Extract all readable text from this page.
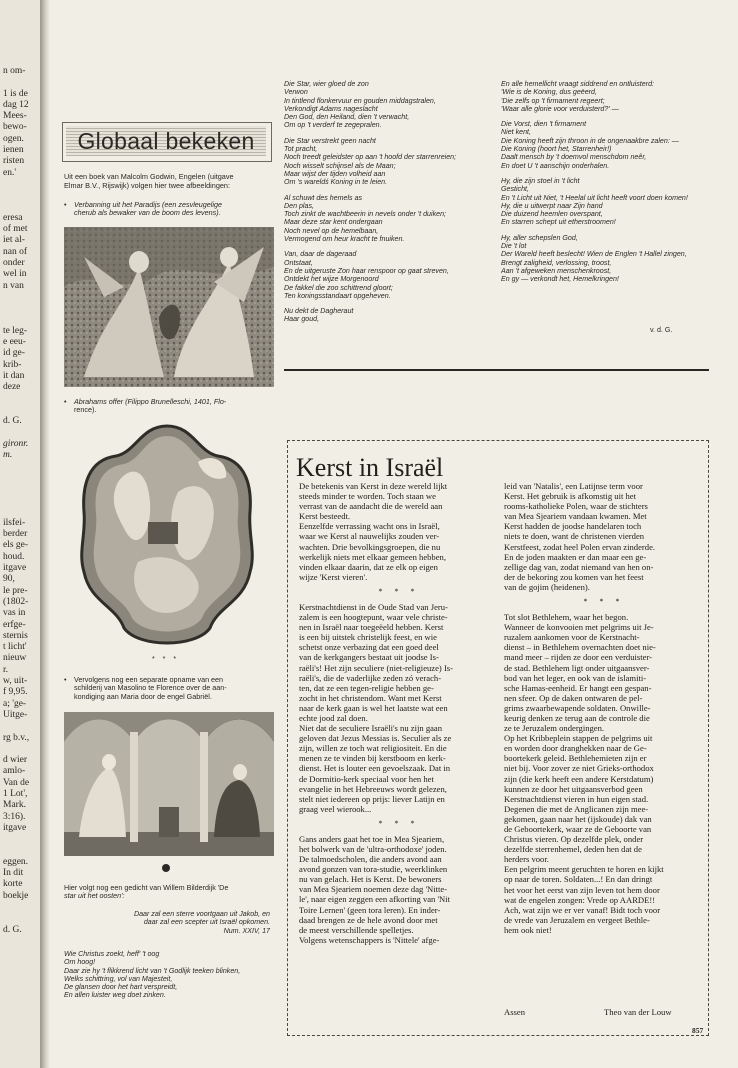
n om-
1 is de
dag 12
Mees-
bewo-
ogen.
ienen
risten
en.'
eresa
of met
iet al-
nan of
onder
wel in
n van
te leg-
e eeu-
id ge-
krib-
it dan
deze
d. G.
gironr.
m.
ilsfei-
berder
els ge-
houd.
itgave
90,
le pre-
(1802-
vas in
erfge-
sternis
t licht'
nieuw
r.
w, uit-
f 9,95.
a; 'ge-
Uitge-
rg b.v.,
d wier
amlo-
Van de
1 Lot',
Mark.
3:16).
itgave
eggen.
In dit
korte
boekje
d. G.
Globaal bekeken
Uit een boek van Malcolm Godwin, Engelen (uitgave
Elmar B.V., Rijswijk) volgen hier twee afbeeldingen:
• Verbanning uit het Paradijs (een zesvleugelige
cherub als bewaker van de boom des levens).
• Abrahams offer (Filippo Brunelleschi, 1401, Flo-
rence).
* * *
• Vervolgens nog een separate opname van een
schilderij van Masolino te Florence over de aan-
kondiging aan Maria door de engel Gabriël.
Hier volgt nog een gedicht van Willem Bilderdijk 'De
star uit het oosten':
Daar zal een sterre voortgaan uit Jakob, en
daar zal een scepter uit Israël opkomen.
Num. XXIV, 17
Wie Christus zoekt, heff' 't oog
Om hoog!
Daar zie hy 't flikkrend licht van 't Godlijk teeken blinken,
Welks schittring, vol van Majesteit,
De glansen door het hart verspreidt,
En allen luister weg doet zinken.
Die Star, wier gloed de zon
Verwon
In tintlend flonkervuur en gouden middagstralen,
Verkondigt Adams nageslacht
Den God, den Heiland, dien 't verwacht,
Om op 't verderf te zegepralen.
Die Star verstrekt geen nacht
Tot pracht,
Noch treedt geleidster op aan 't hoofd der starrenreien;
Noch wisselt schijnsel als de Maan;
Maar wijst der tijden volheid aan
Om 's wareldś Koning in te leien.
Al schuwt des hemels as
Den plas,
Toch zinkt de wachtbeerin in nevels onder 't duiken;
Maar deze star kent ondergaan
Noch nevel op de hemelbaan,
Vermogend om heur kracht te fnuiken.
Van, daar de dageraad
Ontstaat,
En de uitgeruste Zon haar renspoor op gaat streven,
Ontdekt het wijze Morgenoord
De fakkel die zoo schittrend gloort;
Ten koningsstandaart opgeheven.
Nu dekt de Dagheraut
Haar goud,
En alle hemellicht vraagt siddrend en ontluisterd:
'Wie is de Koning, dus geëerd,
'Die zelfs op 't firmament regeert;
'Waar alle glorie voor verduisterd?' —
Die Vorst, dien 't firmament
Niet kent,
Die Koning heeft zijn throon in de ongenaakbre zalen: —
Die Koning (hoort het, Starrenheir!)
Daalt mensch by 't doemvol menschdom neêr,
En doet U 't aanschijn onderhalen.
Hy, die zijn stoel in 't licht
Gesticht,
En 't Licht uit Niet, 't Heelal uit licht heeft voort doen komen!
Hy, die u uitwerpt naar Zijn hand
Die duizend heemlen overspant,
En starren schept uit etherstroomen!
Hy, aller schepslen God,
Die 't lot
Der Wareld heeft beslecht! Wien de Englen 't Hallel zingen,
Brengt zaligheid, verlossing, troost,
Aan 't afgeweken menschenkroost,
En gy — verkondt het, Hemelkringen!
v. d. G.
Kerst in Israël
De betekenis van Kerst in deze wereld lijkt
steeds minder te worden. Toch staan we
verrast van de aandacht die de wereld aan
Kerst besteedt.
Eenzelfde verrassing wacht ons in Israël,
waar we Kerst al nauwelijks zouden ver-
wachten. Drie bevolkingsgroepen, die nu
werkelijk niets met elkaar gemeen hebben,
vinden elkaar daarin, dat ze elk op eigen
wijze 'Kerst vieren'.
* * *
Kerstnachtdienst in de Oude Stad van Jeru-
zalem is een hoogtepunt, waar vele christe-
nen in Israël naar toegeëeld hebben. Kerst
is een bij uitstek christelijk feest, en wie
schetst onze verbazing dat een goed deel
van de kerkgangers bestaat uit joodse Is-
raëli's! Het zijn seculiere (niet-religieuze) Is-
raëli's, die de vaderlijke zeden zó verach-
ten, dat ze een tegen-religie hebben ge-
zocht in het christendom. Want met Kerst
naar de kerk gaan is wel het laatste wat een
echte jood zal doen.
Niet dat de seculiere Israëli's nu zijn gaan
geloven dat Jezus Messias is. Seculier als ze
zijn, willen ze toch wat religiositeit. En die
menen ze te vinden bij kerstboom en kerk-
dienst. Het is louter een gevoelszaak. Dat in
de Dormitio-kerk speciaal voor hen het
evangelie in het Hebreeuws wordt gelezen,
stelt niet iedereen op prijs: liever Latijn en
graag veel wierook...
* * *
Gans anders gaat het toe in Mea Sjeariem,
het bolwerk van de 'ultra-orthodoxe' joden.
De talmoedscholen, die anders avond aan
avond gonzen van tora-studie, weerklinken
nu van gelach. Het is Kerst. De bewoners
van Mea Sjeariem noemen deze dag 'Nitte-
le', naar eigen zeggen een afkorting van 'Nit
Toire Lernen' (geen tora leren). En inder-
daad brengen ze de hele avond door met
de meest verschillende spelletjes.
Volgens wetenschappers is 'Nittele' afge-
leid van 'Natalis', een Latijnse term voor
Kerst. Het gebruik is afkomstig uit het
rooms-katholieke Polen, waar de stichters
van Mea Sjeariem vandaan kwamen. Met
Kerst hadden de joodse handelaren toch
niets te doen, want de christenen vierden
Kerstfeest, zodat heel Polen ervan zinderde.
En de joden maakten er dan maar een ge-
zellige dag van, zodat niemand van hen on-
der de bekoring zou komen van het feest
van de gojim (heidenen).
* * *
Tot slot Bethlehem, waar het begon.
Wanneer de konvooien met pelgrims uit Je-
ruzalem aankomen voor de Kerstnacht-
dienst – in Bethlehem overnachten doet nie-
mand meer – rijden ze door een verduister-
de stad. Bethlehem ligt onder uitgaansver-
bod van het leger, en ook van de islamiti-
sche Hamas-eenheid. Er hangt een gespan-
nen sfeer. Op de daken ontwaren de pel-
grims zwaarbewapende soldaten. Onwille-
keurig denken ze terug aan de controle die
ze te Jeruzalem ondergingen.
Op het Kribbeplein stappen de pelgrims uit
en worden door dranghekken naar de Ge-
boortekerk geleid. Bethlehemieten zijn er
niet bij. Voor zover ze niet Grieks-orthodox
zijn (die kerk heeft een andere Kerstdatum)
kunnen ze door het uitgaansverbod geen
Kerstnachtdienst vieren in hun eigen stad.
Degenen die met de Anglicanen zijn mee-
gekomen, gaan naar het (ijskoude) dak van
de Geboortekerk, waar ze de Geboorte van
Christus vieren. Op dezelfde plek, onder
dezelfde sterrenhemel, deden hen dat de
herders voor.
Een pelgrim meent geruchten te horen en kijkt
op naar de toren. Soldaten...! En dan dringt
het voor het eerst van zijn leven tot hem door
wat de engelen zongen: Vrede op AARDE!!
Ach, wat zijn we er ver vanaf! Bidt toch voor
de vrede van Jeruzalem en vergeet Bethle-
hem ook niet!
Assen	Theo van der Louw
857
